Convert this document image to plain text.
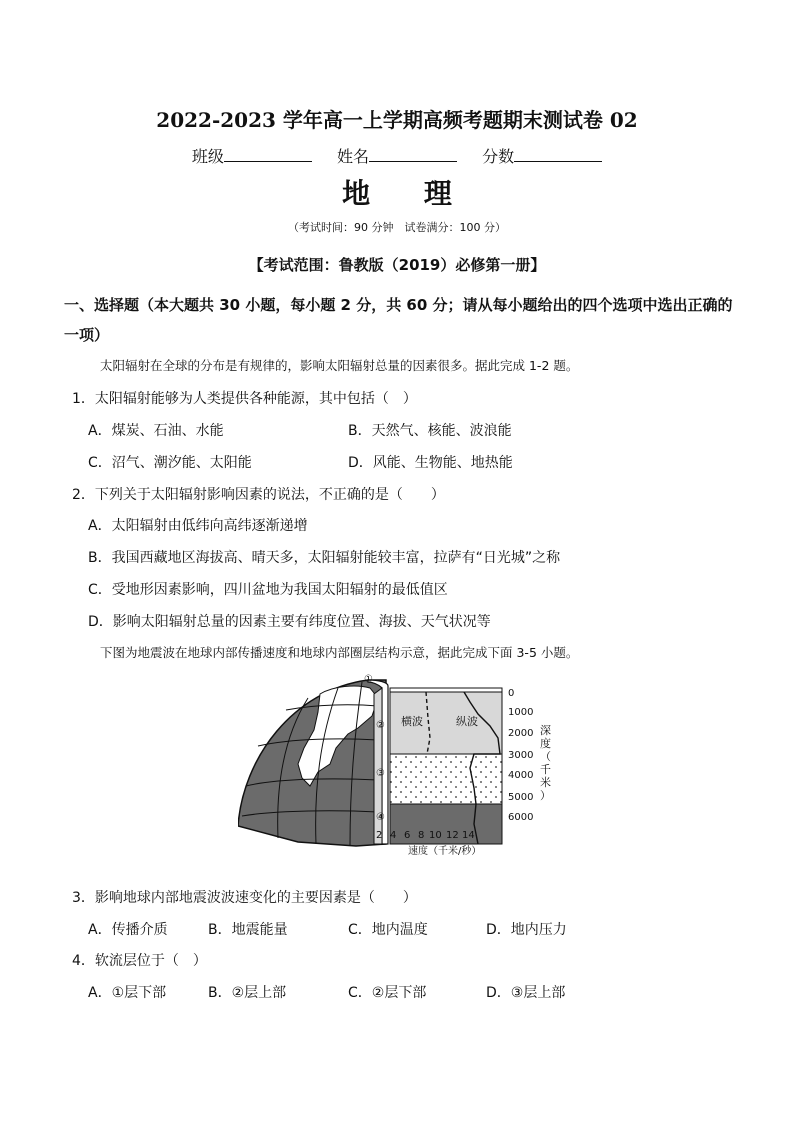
2022-2023 学年高一上学期高频考题期末测试卷 02
班级	姓名	分数
地 理
（考试时间：90 分钟　试卷满分：100 分）
【考试范围：鲁教版（2019）必修第一册】
一、选择题（本大题共 30 小题，每小题 2 分，共 60 分；请从每小题给出的四个选项中选出正确的一项）
太阳辐射在全球的分布是有规律的，影响太阳辐射总量的因素很多。据此完成 1-2 题。
1．太阳辐射能够为人类提供各种能源，其中包括（　）
A．煤炭、石油、水能	B．天然气、核能、波浪能
C．沼气、潮汐能、太阳能	D．风能、生物能、地热能
2．下列关于太阳辐射影响因素的说法，不正确的是（　　）
A．太阳辐射由低纬向高纬逐渐递增
B．我国西藏地区海拔高、晴天多，太阳辐射能较丰富，拉萨有“日光城”之称
C．受地形因素影响，四川盆地为我国太阳辐射的最低值区
D．影响太阳辐射总量的因素主要有纬度位置、海拔、天气状况等
下图为地震波在地球内部传播速度和地球内部圈层结构示意，据此完成下面 3-5 小题。
横波	纵波
①
②
③
④
0
1000
2000
3000
4000
5000
6000
深
度
（
千
米
）
2 4 6 8 10 12 14
速度（千米/秒）
3．影响地球内部地震波波速变化的主要因素是（　　）
A．传播介质	B．地震能量	C．地内温度	D．地内压力
4．软流层位于（　）
A．①层下部	B．②层上部	C．②层下部	D．③层上部
